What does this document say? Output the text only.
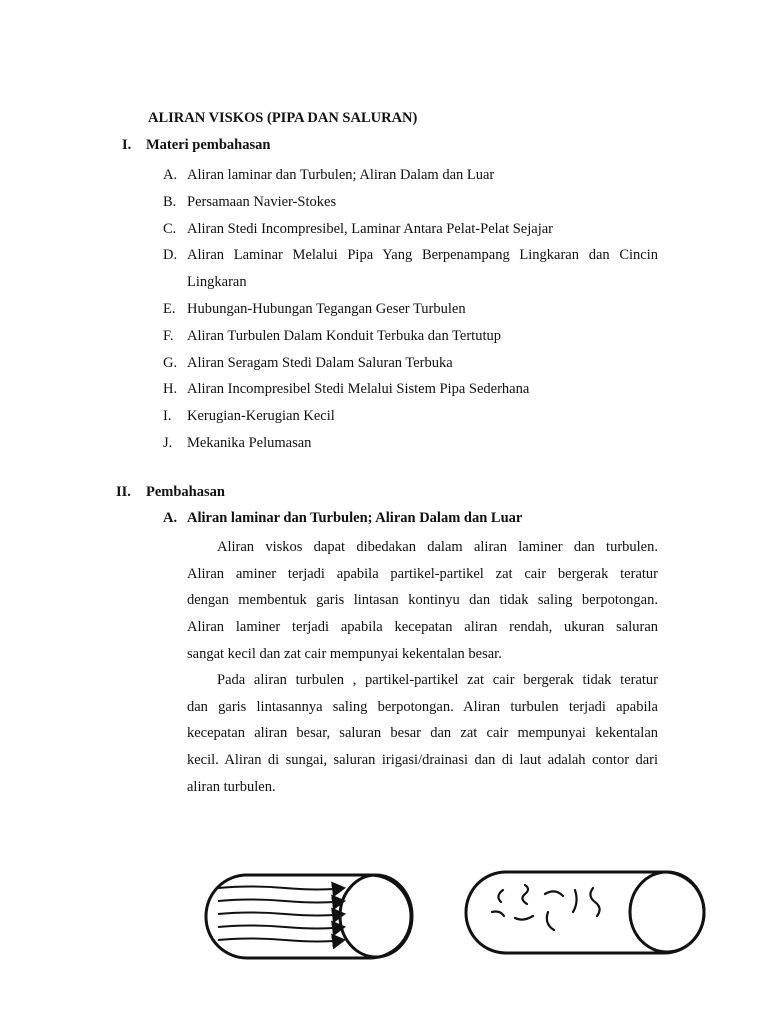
ALIRAN VISKOS (PIPA DAN SALURAN)
I. Materi pembahasan
A. Aliran laminar dan Turbulen; Aliran Dalam dan Luar
B. Persamaan Navier-Stokes
C. Aliran Stedi Incompresibel, Laminar Antara Pelat-Pelat Sejajar
D. Aliran Laminar Melalui Pipa Yang Berpenampang Lingkaran dan Cincin
Lingkaran
E. Hubungan-Hubungan Tegangan Geser Turbulen
F. Aliran Turbulen Dalam Konduit Terbuka dan Tertutup
G. Aliran Seragam Stedi Dalam Saluran Terbuka
H. Aliran Incompresibel Stedi Melalui Sistem Pipa Sederhana
I. Kerugian-Kerugian Kecil
J. Mekanika Pelumasan
II. Pembahasan
A. Aliran laminar dan Turbulen; Aliran Dalam dan Luar
Aliran viskos dapat dibedakan dalam aliran laminer dan turbulen.
Aliran aminer terjadi apabila partikel-partikel zat cair bergerak teratur
dengan membentuk garis lintasan kontinyu dan tidak saling berpotongan.
Aliran laminer terjadi apabila kecepatan aliran rendah, ukuran saluran
sangat kecil dan zat cair mempunyai kekentalan besar.
Pada aliran turbulen , partikel-partikel zat cair bergerak tidak teratur
dan garis lintasannya saling berpotongan. Aliran turbulen terjadi apabila
kecepatan aliran besar, saluran besar dan zat cair mempunyai kekentalan
kecil. Aliran di sungai, saluran irigasi/drainasi dan di laut adalah contor dari
aliran turbulen.
